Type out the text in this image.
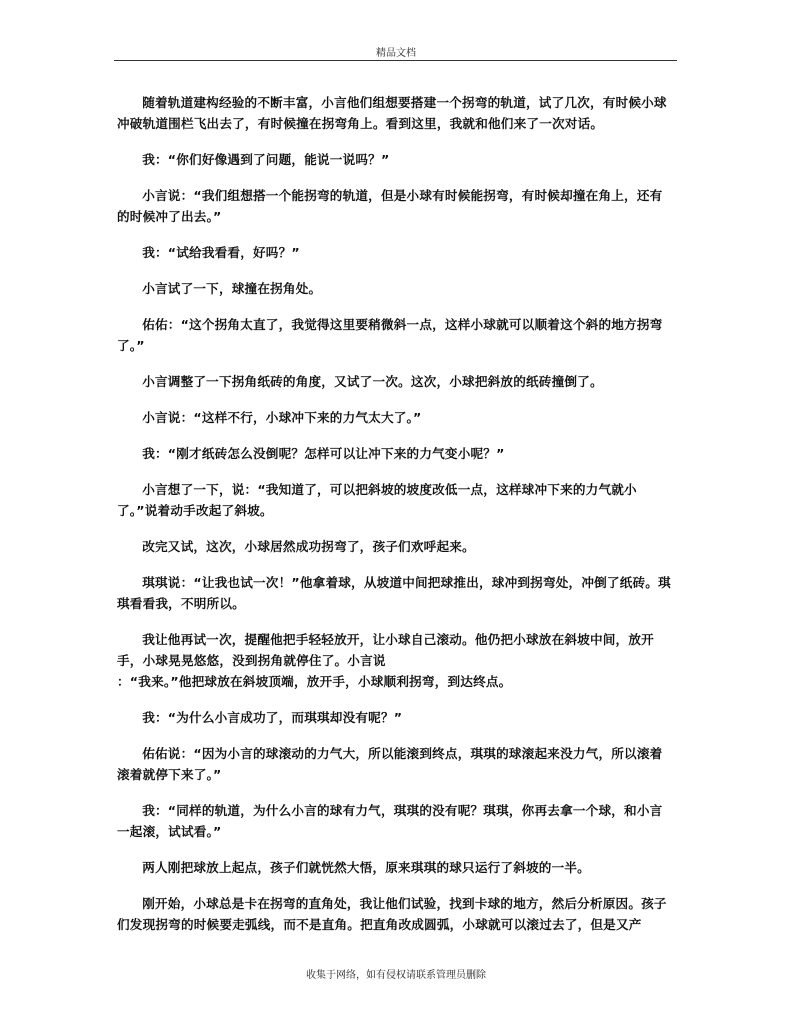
精品文档

随着轨道建构经验的不断丰富，小言他们组想要搭建一个拐弯的轨道，试了几次，有时候小球冲破轨道围栏飞出去了，有时候撞在拐弯角上。看到这里，我就和他们来了一次对话。

我：“你们好像遇到了问题，能说一说吗？”

小言说：“我们组想搭一个能拐弯的轨道，但是小球有时候能拐弯，有时候却撞在角上，还有的时候冲了出去。”

我：“试给我看看，好吗？”

小言试了一下，球撞在拐角处。

佑佑：“这个拐角太直了，我觉得这里要稍微斜一点，这样小球就可以顺着这个斜的地方拐弯了。”

小言调整了一下拐角纸砖的角度，又试了一次。这次，小球把斜放的纸砖撞倒了。

小言说：“这样不行，小球冲下来的力气太大了。”

我：“刚才纸砖怎么没倒呢？怎样可以让冲下来的力气变小呢？”

小言想了一下，说：“我知道了，可以把斜坡的坡度改低一点，这样球冲下来的力气就小了。”说着动手改起了斜坡。

改完又试，这次，小球居然成功拐弯了，孩子们欢呼起来。

琪琪说：“让我也试一次！”他拿着球，从坡道中间把球推出，球冲到拐弯处，冲倒了纸砖。琪琪看看我，不明所以。

我让他再试一次，提醒他把手轻轻放开，让小球自己滚动。他仍把小球放在斜坡中间，放开手，小球晃晃悠悠，没到拐角就停住了。小言说
：“我来。”他把球放在斜坡顶端，放开手，小球顺利拐弯，到达终点。

我：“为什么小言成功了，而琪琪却没有呢？”

佑佑说：“因为小言的球滚动的力气大，所以能滚到终点，琪琪的球滚起来没力气，所以滚着滚着就停下来了。”

我：“同样的轨道，为什么小言的球有力气，琪琪的没有呢？琪琪，你再去拿一个球，和小言一起滚，试试看。”

两人刚把球放上起点，孩子们就恍然大悟，原来琪琪的球只运行了斜坡的一半。

刚开始，小球总是卡在拐弯的直角处，我让他们试验，找到卡球的地方，然后分析原因。孩子们发现拐弯的时候要走弧线，而不是直角。把直角改成圆弧，小球就可以滚过去了，但是又产

收集于网络，如有侵权请联系管理员删除
